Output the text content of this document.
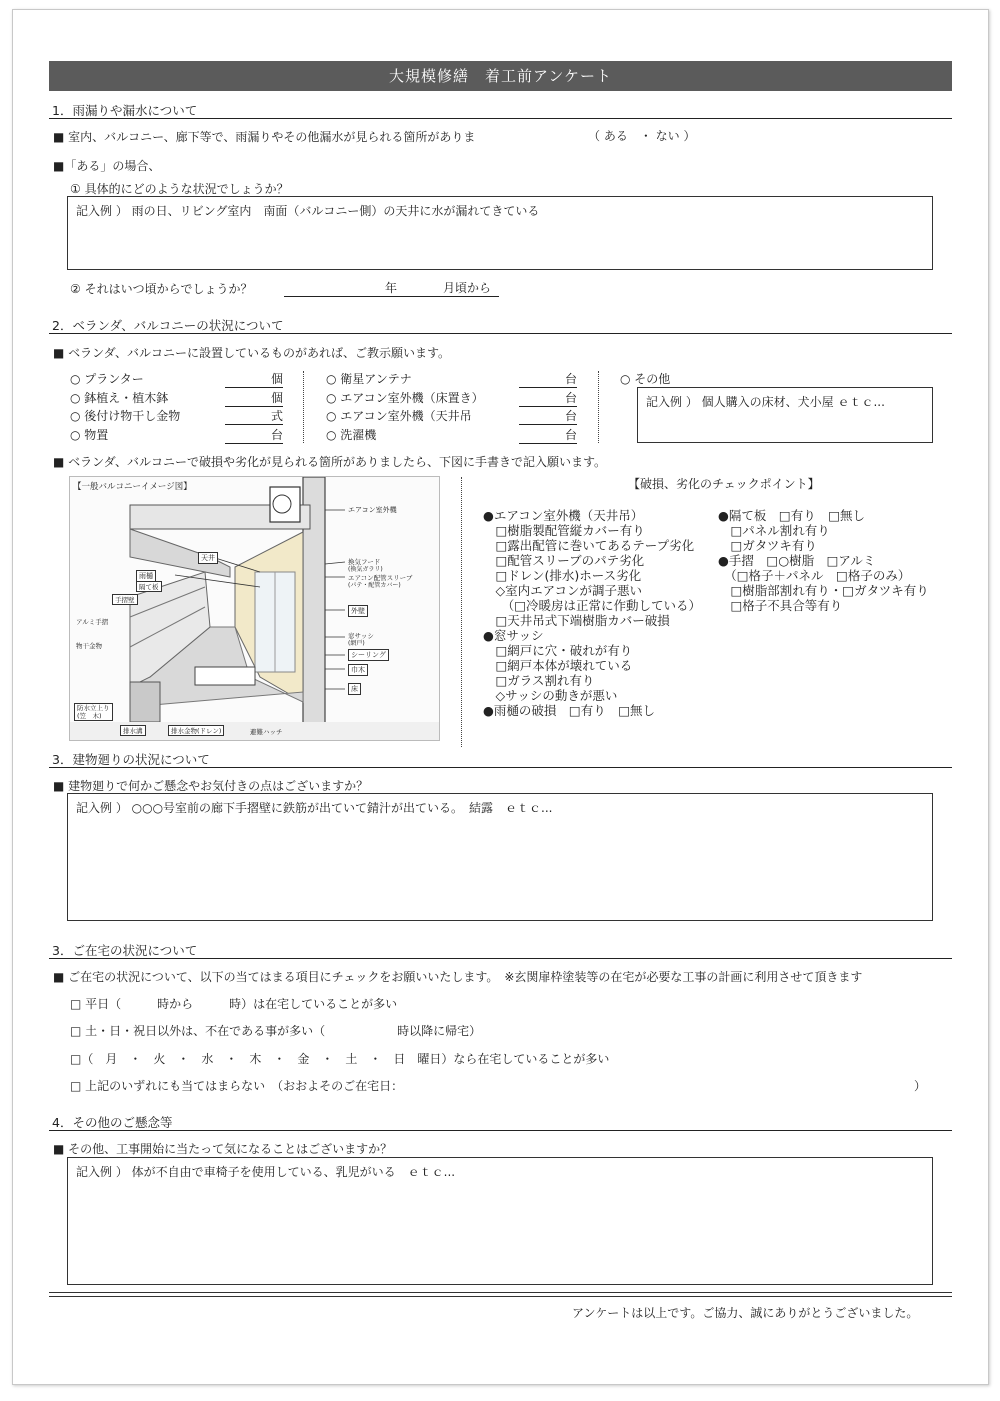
大規模修繕　着工前アンケート
1．雨漏りや漏水について
■ 室内、バルコニー、廊下等で、雨漏りやその他漏水が見られる箇所がありま	（ ある　・ ない ）
■「ある」の場合、
① 具体的にどのような状況でしょうか？
記入例 ） 雨の日、リビング室内　南面（バルコニー側）の天井に水が漏れてきている
② それはいつ頃からでしょうか？	年	月頃から
2．ベランダ、バルコニーの状況について
■ ベランダ、バルコニーに設置しているものがあれば、ご教示願います。
○ プランター	個
○ 鉢植え・植木鉢	個
○ 後付け物干し金物	式
○ 物置	台
○ 衛星アンテナ	台
○ エアコン室外機（床置き）	台
○ エアコン室外機（天井吊	台
○ 洗濯機	台
○ その他
記入例 ） 個人購入の床材、犬小屋 ｅｔｃ...
■ ベランダ、バルコニーで破損や劣化が見られる箇所がありましたら、下図に手書きで記入願います。
【一般バルコニーイメージ図】
エアコン室外機
天井
雨樋
隔て板
手摺壁
アルミ手摺
物干金物
換気フード
(換気ガラリ)
エアコン配管スリーブ
(パテ・配管カバー)
外壁
窓サッシ
(網戸)
シーリング
巾木
床
防水立上り
(笠　木)
排水溝	排水金物(ドレン)	避難ハッチ
【破損、劣化のチェックポイント】
●エアコン室外機（天井吊）
　□樹脂製配管縦カバー有り
　□露出配管に巻いてあるテープ劣化
　□配管スリーブのパテ劣化
　□ドレン(排水)ホース劣化
　◇室内エアコンが調子悪い
　　（□冷暖房は正常に作動している）
　□天井吊式下端樹脂カバー破損
●窓サッシ
　□網戸に穴・破れが有り
　□網戸本体が壊れている
　□ガラス割れ有り
　◇サッシの動きが悪い
●雨樋の破損　□有り　□無し
●隔て板　□有り　□無し
　□パネル割れ有り
　□ガタツキ有り
●手摺　□○樹脂　□アルミ
　（□格子＋パネル　□格子のみ）
　□樹脂部割れ有り・□ガタツキ有り
　□格子不具合等有り
3．建物廻りの状況について
■ 建物廻りで何かご懸念やお気付きの点はございますか？
記入例 ） ○○○号室前の廊下手摺壁に鉄筋が出ていて錆汁が出ている。　結露　ｅｔｃ...
3．ご在宅の状況について
■ ご在宅の状況について、以下の当てはまる項目にチェックをお願いいたします。　※玄関扉枠塗装等の在宅が必要な工事の計画に利用させて頂きます
□ 平日（　　　時から　　　時）は在宅していることが多い
□ 土・日・祝日以外は、不在である事が多い（　　　　　　時以降に帰宅）
□（　月　・　火　・　水　・　木　・　金　・　土　・　日　曜日）なら在宅していることが多い
□ 上記のいずれにも当てはまらない　（おおよそのご在宅日：	）
4．その他のご懸念等
■ その他、工事開始に当たって気になることはございますか？
記入例 ） 体が不自由で車椅子を使用している、乳児がいる　ｅｔｃ...
アンケートは以上です。ご協力、誠にありがとうございました。
